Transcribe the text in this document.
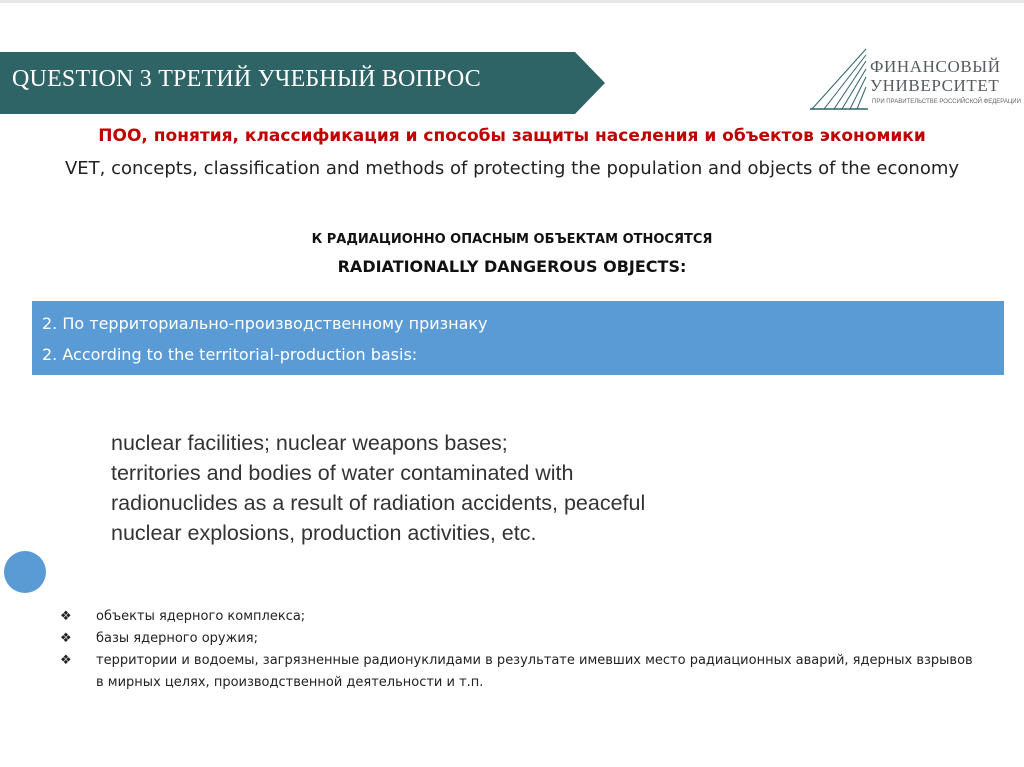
QUESTION 3 ТРЕТИЙ УЧЕБНЫЙ ВОПРОС	ФИНАНСОВЫЙ
УНИВЕРСИТЕТ
ПРИ ПРАВИТЕЛЬСТВЕ РОССИЙСКОЙ ФЕДЕРАЦИИ
ПОО, понятия, классификация и способы защиты населения и объектов экономики
VET, concepts, classification and methods of protecting the population and objects of the economy
К РАДИАЦИОННО ОПАСНЫМ ОБЪЕКТАМ ОТНОСЯТСЯ
RADIATIONALLY DANGEROUS OBJECTS:
2. По территориально-производственному признаку
2. According to the territorial-production basis:
nuclear facilities; nuclear weapons bases;
territories and bodies of water contaminated with
radionuclides as a result of radiation accidents, peaceful
nuclear explosions, production activities, etc.
❖ объекты ядерного комплекса;
❖ базы ядерного оружия;
❖ территории и водоемы, загрязненные радионуклидами в результате имевших место радиационных аварий, ядерных взрывов в мирных целях, производственной деятельности и т.п.
